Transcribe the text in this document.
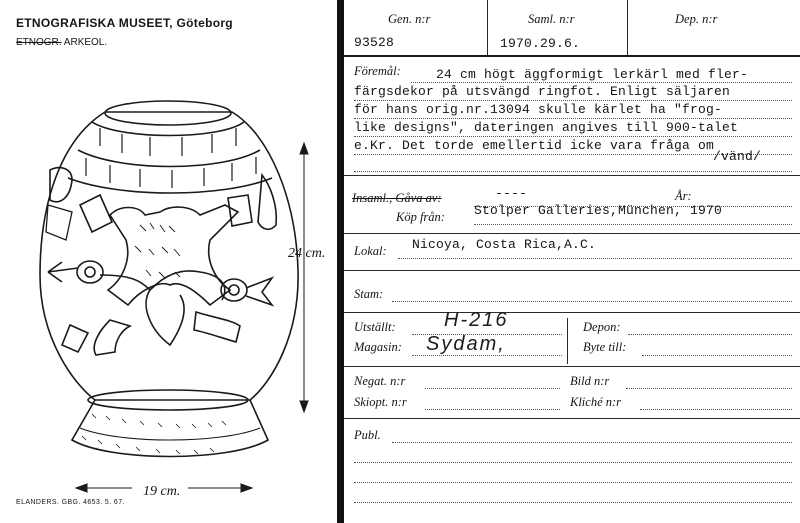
ETNOGRAFISKA MUSEET, Göteborg
ETNOGR. ARKEOL.
24 cm.
19 cm.
ELANDERS. GBG. 4653. 5. 67.
Gen. n:r
93528
Saml. n:r
1970.29.6.
Dep. n:r
Föremål:	24 cm högt äggformigt lerkärl med fler-
färgsdekor på utsvängd ringfot. Enligt säljaren
för hans orig.nr.13094 skulle kärlet ha "frog-
like designs", dateringen angives till 900-talet
e.Kr. Det torde emellertid icke vara fråga om
/vänd/
Insaml., Gåva av:	----	År:
Köp från: Stolper Galleries,München, 1970
Lokal: Nicoya, Costa Rica,A.C.
Stam:
Utställt: H-216	Depon:
Magasin: Sydam,	Byte till:
Negat. n:r	Bild n:r
Skiopt. n:r	Kliché n:r
Publ.
